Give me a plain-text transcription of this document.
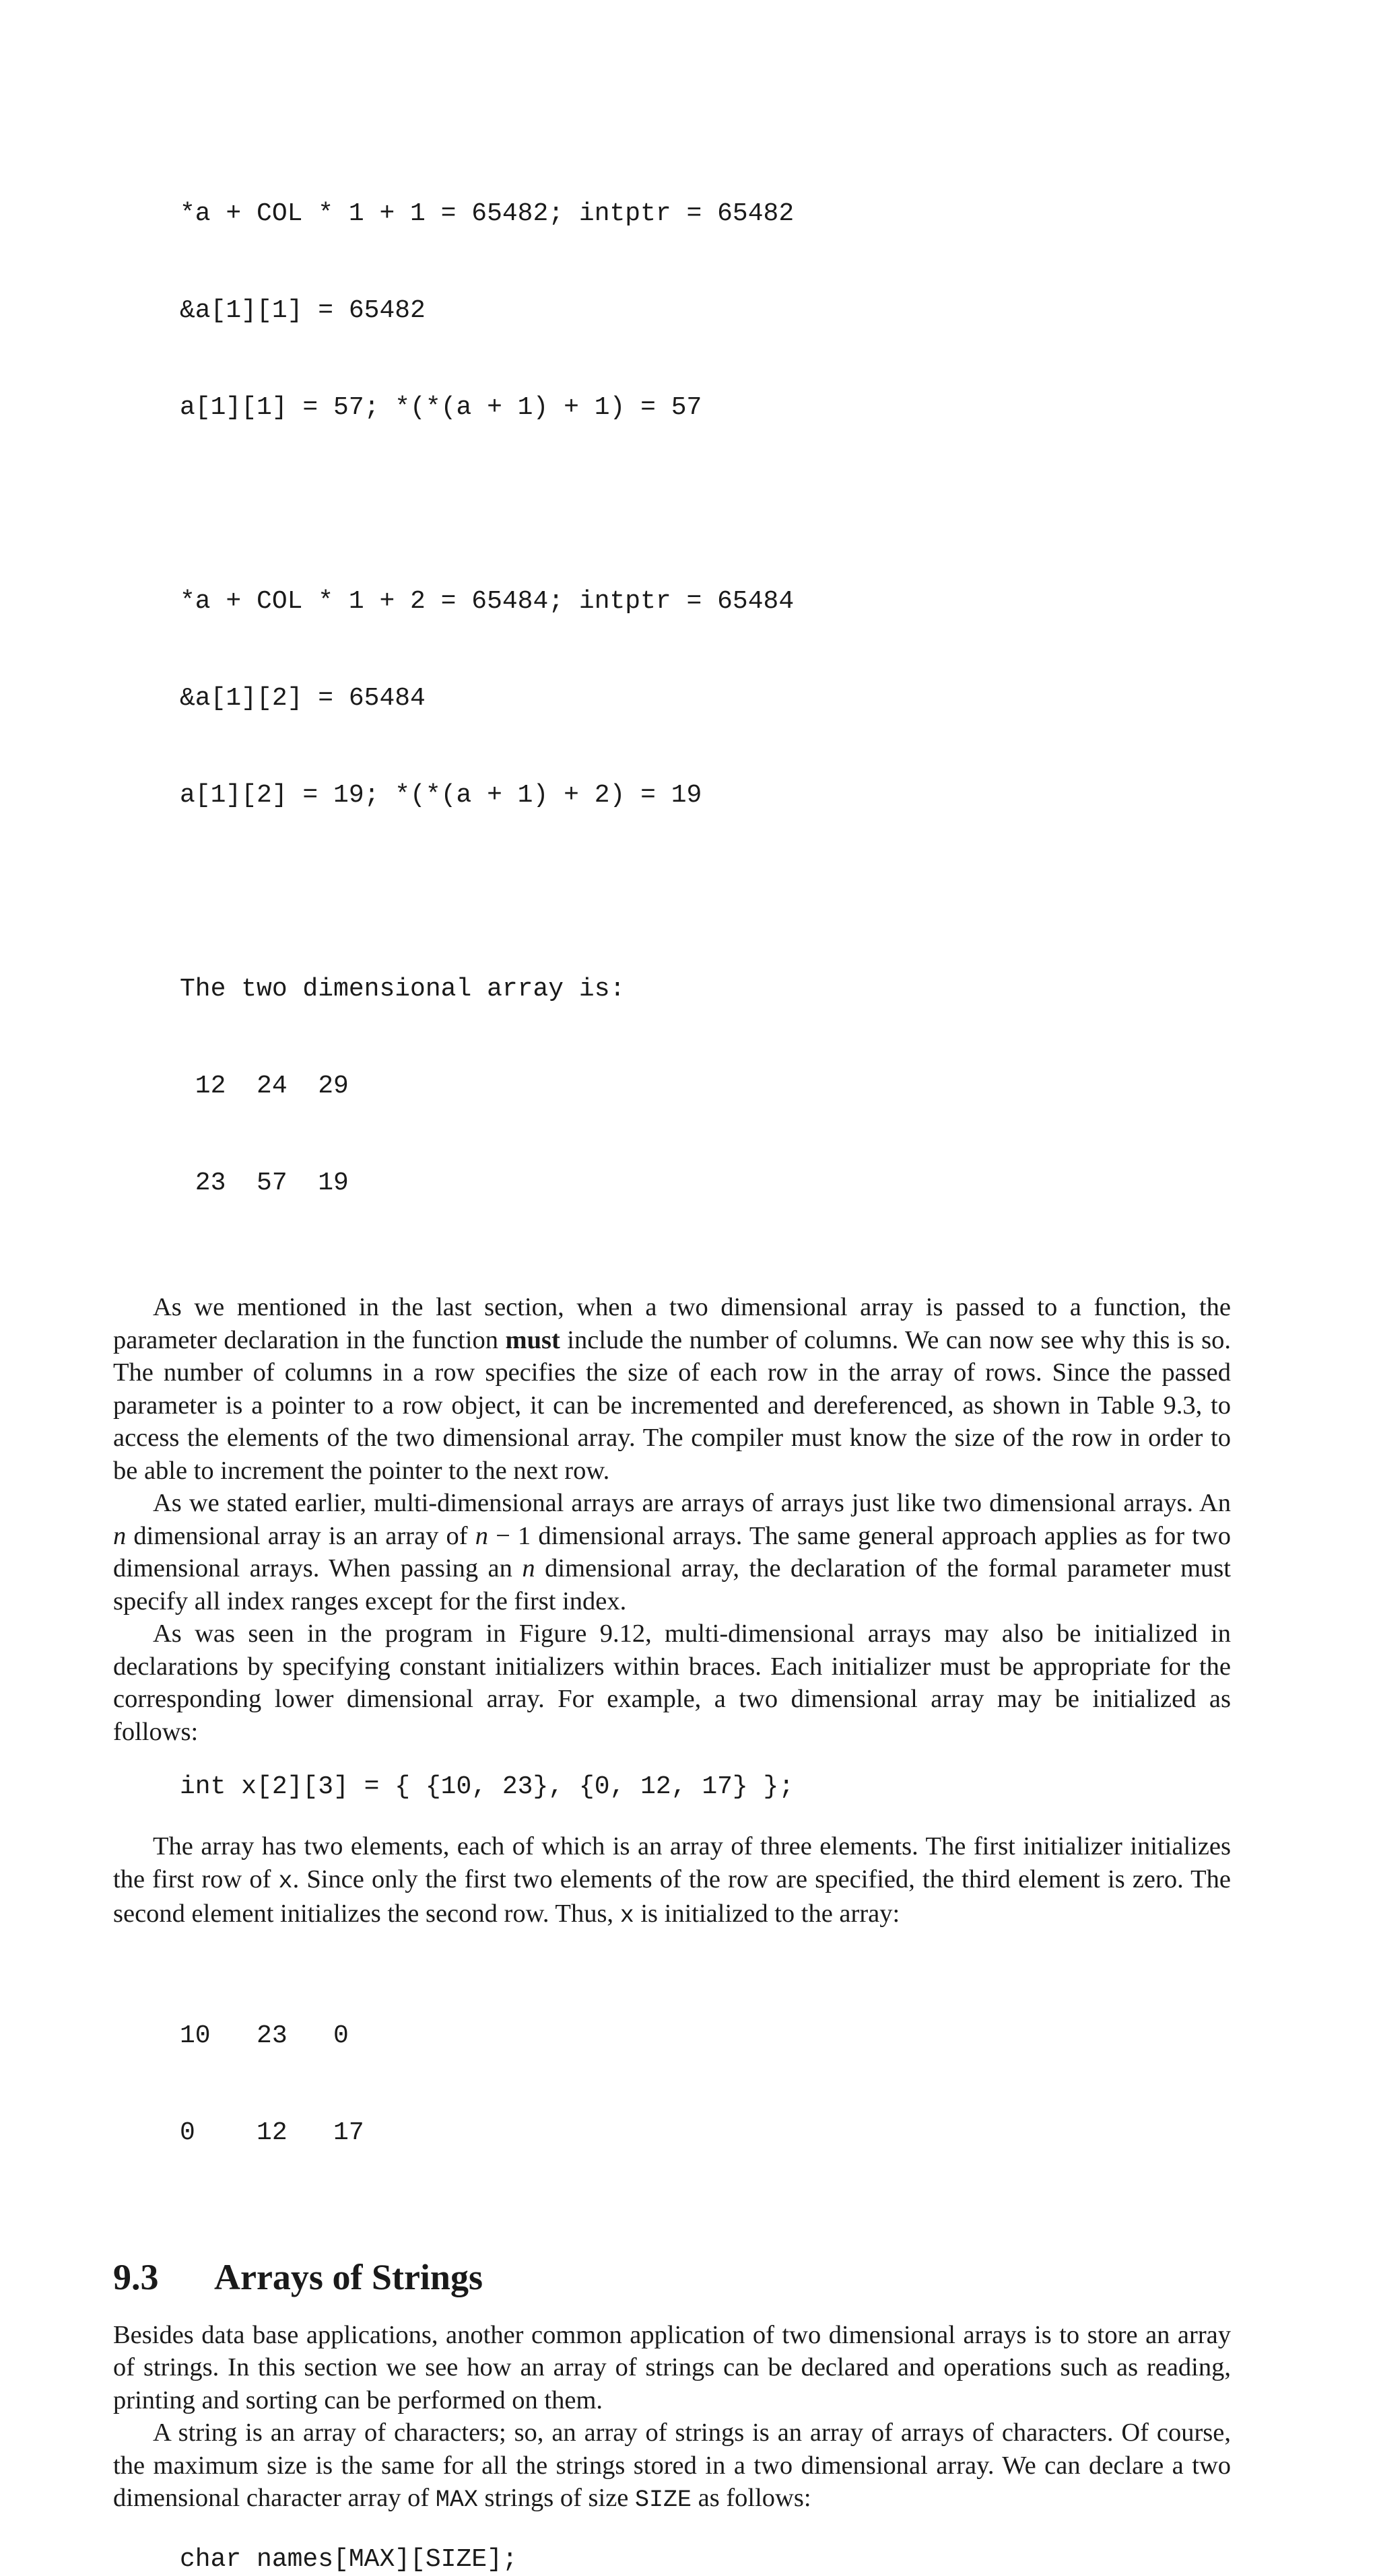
*a + COL * 1 + 1 = 65482; intptr = 65482

&a[1][1] = 65482

a[1][1] = 57; *(*(a + 1) + 1) = 57

*a + COL * 1 + 2 = 65484; intptr = 65484

&a[1][2] = 65484

a[1][2] = 19; *(*(a + 1) + 2) = 19

The two dimensional array is:

12  24  29

23  57  19

As we mentioned in the last section, when a two dimensional array is passed to a function, the parameter declaration in the function must include the number of columns. We can now see why this is so. The number of columns in a row specifies the size of each row in the array of rows. Since the passed parameter is a pointer to a row object, it can be incremented and dereferenced, as shown in Table 9.3, to access the elements of the two dimensional array. The compiler must know the size of the row in order to be able to increment the pointer to the next row.

As we stated earlier, multi-dimensional arrays are arrays of arrays just like two dimensional arrays. An n dimensional array is an array of n − 1 dimensional arrays. The same general approach applies as for two dimensional arrays. When passing an n dimensional array, the declaration of the formal parameter must specify all index ranges except for the first index.

As was seen in the program in Figure 9.12, multi-dimensional arrays may also be initialized in declarations by specifying constant initializers within braces. Each initializer must be appropriate for the corresponding lower dimensional array. For example, a two dimensional array may be initialized as follows:

int x[2][3] = { {10, 23}, {0, 12, 17} };

The array has two elements, each of which is an array of three elements. The first initializer initializes the first row of x. Since only the first two elements of the row are specified, the third element is zero. The second element initializes the second row. Thus, x is initialized to the array:

10   23   0

0    12   17

9.3	Arrays of Strings

Besides data base applications, another common application of two dimensional arrays is to store an array of strings. In this section we see how an array of strings can be declared and operations such as reading, printing and sorting can be performed on them.

A string is an array of characters; so, an array of strings is an array of arrays of characters. Of course, the maximum size is the same for all the strings stored in a two dimensional array. We can declare a two dimensional character array of MAX strings of size SIZE as follows:

char names[MAX][SIZE];
